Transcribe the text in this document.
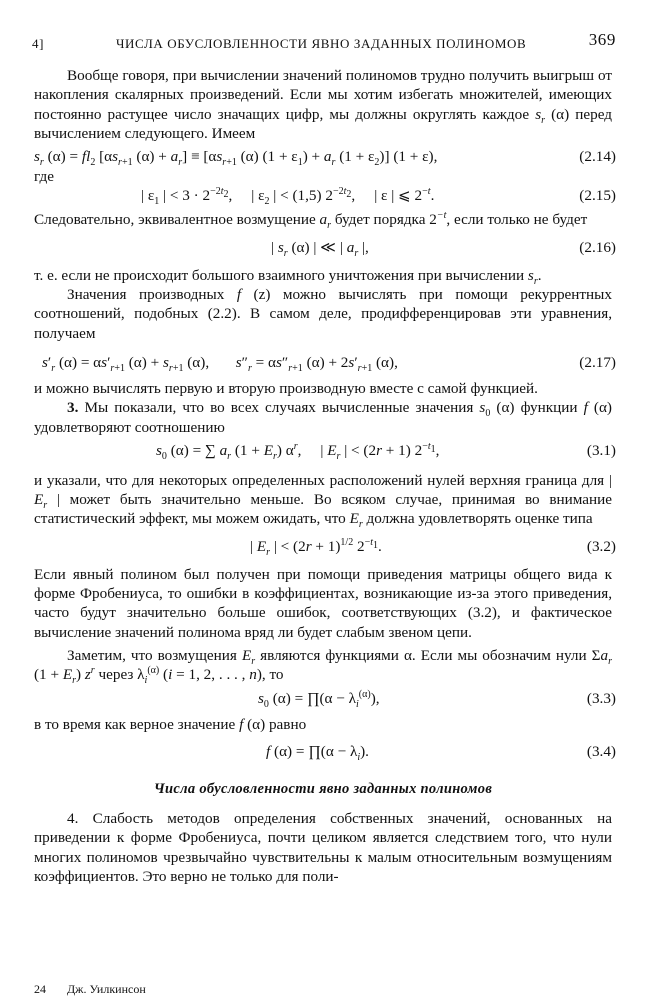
4]	ЧИСЛА ОБУСЛОВЛЕННОСТИ ЯВНО ЗАДАННЫХ ПОЛИНОМОВ	369

Вообще говоря, при вычислении значений полиномов трудно получить выигрыш от накопления скалярных произведений. Если мы хотим избегать множителей, имеющих постоянно растущее число значащих цифр, мы должны округлять каждое $s_r$ (α) перед вычислением следующего. Имеем

$s_r$ $(\alpha) = fl_2$ [$\alpha s_{r+1}$ $(\alpha) + a_r] \equiv [\alpha s_{r+1}$ (α) $(1 + \varepsilon_1) + a_r$ $(1 + \varepsilon_2)$] (1 + ε),	(2.14)

где

| $\varepsilon_1$ | < $3 \cdot 2^{-2t_2}$,     | $\varepsilon_2$ | < (1,5) $2^{-2t_2}$,     | ε | ⩽ $2^{-t}$.	(2.15)

Следовательно, эквивалентное возмущение $a_r$ будет порядка $2^{-t}$, если только не будет

| $s_r$ (α) | ≪ | $a_r$ |,	(2.16)

т. е. если не происходит большого взаимного уничтожения при вычислении $s_r$.

Значения производных f (z) можно вычислять при помощи рекуррентных соотношений, подобных (2.2). В самом деле, продифференцировав эти уравнения, получаем

$s'_r$ $(\alpha) = \alpha s'_{r+1}$ $(\alpha) + s_{r+1}$ (α),       $s''_r = \alpha s''_{r+1}$ $(\alpha) + 2s'_{r+1}$ (α),	(2.17)

и можно вычислять первую и вторую производную вместе с самой функцией.

3. Мы показали, что во всех случаях вычисленные значения $s_0$ (α) функции f (α) удовлетворяют соотношению

$s_0$ (α) = ∑ $a_r$ $(1 + E_r)$ $\alpha^r$,     | $E_r$ | < (2r + 1) $2^{-t_1}$,	(3.1)

и указали, что для некоторых определенных расположений нулей верхняя граница для | $E_r$ | может быть значительно меньше. Во всяком случае, принимая во внимание статистический эффект, мы можем ожидать, что $E_r$ должна удовлетворять оценке типа

| $E_r$ | < $(2r + 1)^{1/2}$ $2^{-t_1}$.	(3.2)

Если явный полином был получен при помощи приведения матрицы общего вида к форме Фробениуса, то ошибки в коэффициентах, возникающие из-за этого приведения, часто будут значительно больше ошибок, соответствующих (3.2), и фактическое вычисление значений полинома вряд ли будет слабым звеном цепи.

Заметим, что возмущения $E_r$ являются функциями α. Если мы обозначим нули $\Sigma a_r$ $(1 + E_r)$ $z^r$ через $\lambda_i^{(\alpha)}$ (i = 1, 2, . . . , n), то

$s_0$ (α) = ∏(α − $\lambda_i^{(\alpha)}$),	(3.3)

в то время как верное значение f (α) равно

f (α) = ∏(α − $\lambda_i$).	(3.4)
Числа обусловленности явно заданных полиномов

4. Слабость методов определения собственных значений, основанных на приведении к форме Фробениуса, почти целиком является следствием того, что нули многих полиномов чрезвычайно чувствительны к малым относительным возмущениям коэффициентов. Это верно не только для поли-

24 Дж. Уилкинсон
